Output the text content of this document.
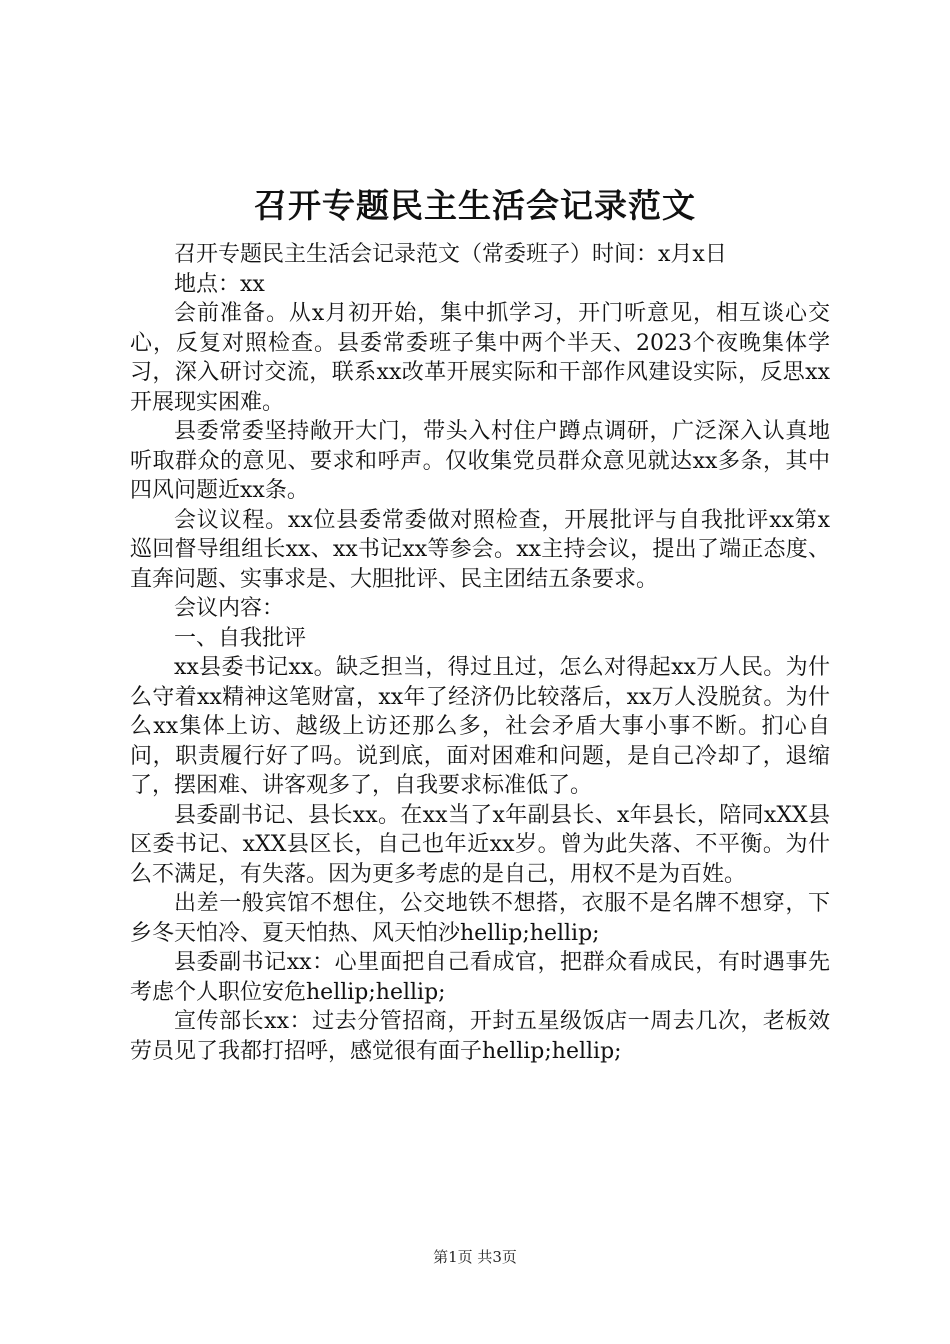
召开专题民主生活会记录范文

召开专题民主生活会记录范文（常委班子）时间：x月x日

地点：xx

会前准备。从x月初开始，集中抓学习，开门听意见，相互谈心交心，反复对照检查。县委常委班子集中两个半天、2023个夜晚集体学习，深入研讨交流，联系xx改革开展实际和干部作风建设实际，反思xx开展现实困难。

县委常委坚持敞开大门，带头入村住户蹲点调研，广泛深入认真地听取群众的意见、要求和呼声。仅收集党员群众意见就达xx多条，其中四风问题近xx条。

会议议程。xx位县委常委做对照检查，开展批评与自我批评xx第x巡回督导组组长xx、xx书记xx等参会。xx主持会议，提出了端正态度、直奔问题、实事求是、大胆批评、民主团结五条要求。

会议内容：

一、自我批评

xx县委书记xx。缺乏担当，得过且过，怎么对得起xx万人民。为什么守着xx精神这笔财富，xx年了经济仍比较落后，xx万人没脱贫。为什么xx集体上访、越级上访还那么多，社会矛盾大事小事不断。扪心自问，职责履行好了吗。说到底，面对困难和问题，是自己冷却了，退缩了，摆困难、讲客观多了，自我要求标准低了。

县委副书记、县长xx。在xx当了x年副县长、x年县长，陪同xXX县区委书记、xXX县区长，自己也年近xx岁。曾为此失落、不平衡。为什么不满足，有失落。因为更多考虑的是自己，用权不是为百姓。

出差一般宾馆不想住，公交地铁不想搭，衣服不是名牌不想穿，下乡冬天怕冷、夏天怕热、风天怕沙hellip;hellip;

县委副书记xx：心里面把自己看成官，把群众看成民，有时遇事先考虑个人职位安危hellip;hellip;

宣传部长xx：过去分管招商，开封五星级饭店一周去几次，老板效劳员见了我都打招呼，感觉很有面子hellip;hellip;

第1页 共3页
